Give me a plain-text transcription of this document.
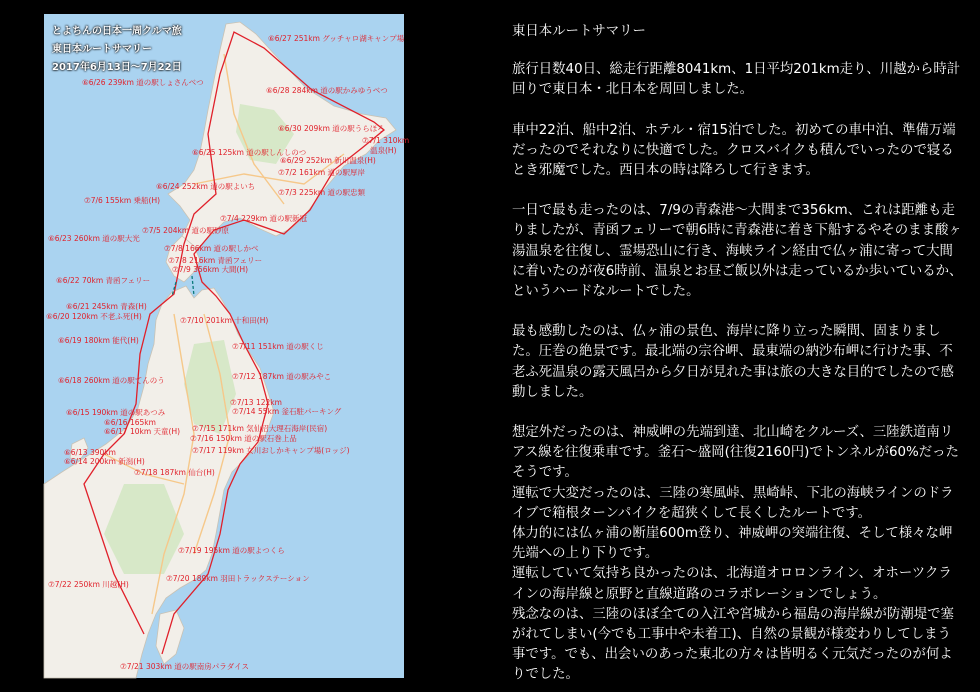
とよちんの日本一周クルマ旅
東日本ルートサマリー
2017年6月13日〜7月22日
⑥6/27 251km グッチャロ湖キャンプ場
⑥6/26 239km 道の駅しょさんべつ
⑥6/28 284km 道の駅かみゆうべつ
⑥6/30 209km 道の駅うらほろ
⑦7/1 310km
温泉(H)
⑥6/25 125km 道の駅しんしのつ
⑥6/29 252km 新川温泉(H)
⑦7/2 161km 道の駅厚岸
⑥6/24 252km 道の駅よいち
⑦7/3 225km 道の駅忠類
⑦7/6 155km 乗船(H)
⑦7/4 229km 道の駅新冠
⑦7/5 204km 道の駅砂原
⑥6/23 260km 道の駅大光
⑦7/8 166km 道の駅しかべ
⑦7/8 216km 青函フェリー
⑦7/9 356km 大間(H)
⑥6/22 70km 青函フェリー
⑥6/21 245km 青森(H)
⑥6/20 120km 不老ふ死(H)	⑦7/10 201km 十和田(H)
⑥6/19 180km 能代(H)
⑦7/11 151km 道の駅くじ
⑥6/18 260km 道の駅てんのう	⑦7/12 187km 道の駅みやこ
⑦7/13 122km
⑦7/14 55km 釜石駐パーキング
⑥6/15 190km 道の駅あつみ
⑥6/16 165km
⑥6/17 10km 天童(H) ⑦7/15 171km 気仙沼大理石海岸(民宿)
⑦7/16 150km 道の駅石巻上品
⑦7/17 119km 女川おしかキャンプ場(ロッジ)
⑥6/13 390km
⑥6/14 200km 新潟(H)
⑦7/18 187km 仙台(H)
⑦7/19 195km 道の駅よつくら
⑦7/20 189km 羽田トラックステーション
⑦7/22 250km 川越(H)
⑦7/21 303km 道の駅南房パラダイス
東日本ルートサマリー

旅行日数40日、総走行距離8041km、1日平均201km走り、川越から時計回りで東日本・北日本を周回しました。

車中22泊、船中2泊、ホテル・宿15泊でした。初めての車中泊、準備万端だったのでそれなりに快適でした。クロスバイクも積んでいったので寝るとき邪魔でした。西日本の時は降ろして行きます。

一日で最も走ったのは、7/9の青森港〜大間まで356km、これは距離も走りましたが、青函フェリーで朝6時に青森港に着き下船するやそのまま酸ヶ湯温泉を往復し、霊場恐山に行き、海峡ライン経由で仏ヶ浦に寄って大間に着いたのが夜6時前、温泉とお昼ご飯以外は走っているか歩いているか、というハードなルートでした。

最も感動したのは、仏ヶ浦の景色、海岸に降り立った瞬間、固まりました。圧巻の絶景です。最北端の宗谷岬、最東端の納沙布岬に行けた事、不老ふ死温泉の露天風呂から夕日が見れた事は旅の大きな目的でしたので感動しました。

想定外だったのは、神威岬の先端到達、北山崎をクルーズ、三陸鉄道南リアス線を往復乗車です。釜石〜盛岡(往復2160円)でトンネルが60%だったそうです。

運転で大変だったのは、三陸の寒風峠、黒崎峠、下北の海峡ラインのドライブで箱根ターンパイクを超狭くして長くしたルートです。

体力的には仏ヶ浦の断崖600m登り、神威岬の突端往復、そして様々な岬先端への上り下りです。

運転していて気持ち良かったのは、北海道オロロンライン、オホーツクラインの海岸線と原野と直線道路のコラボレーションでしょう。

残念なのは、三陸のほぼ全ての入江や宮城から福島の海岸線が防潮堤で塞がれてしまい(今でも工事中や未着工)、自然の景観が様変わりしてしまう事です。でも、出会いのあった東北の方々は皆明るく元気だったのが何よりでした。
